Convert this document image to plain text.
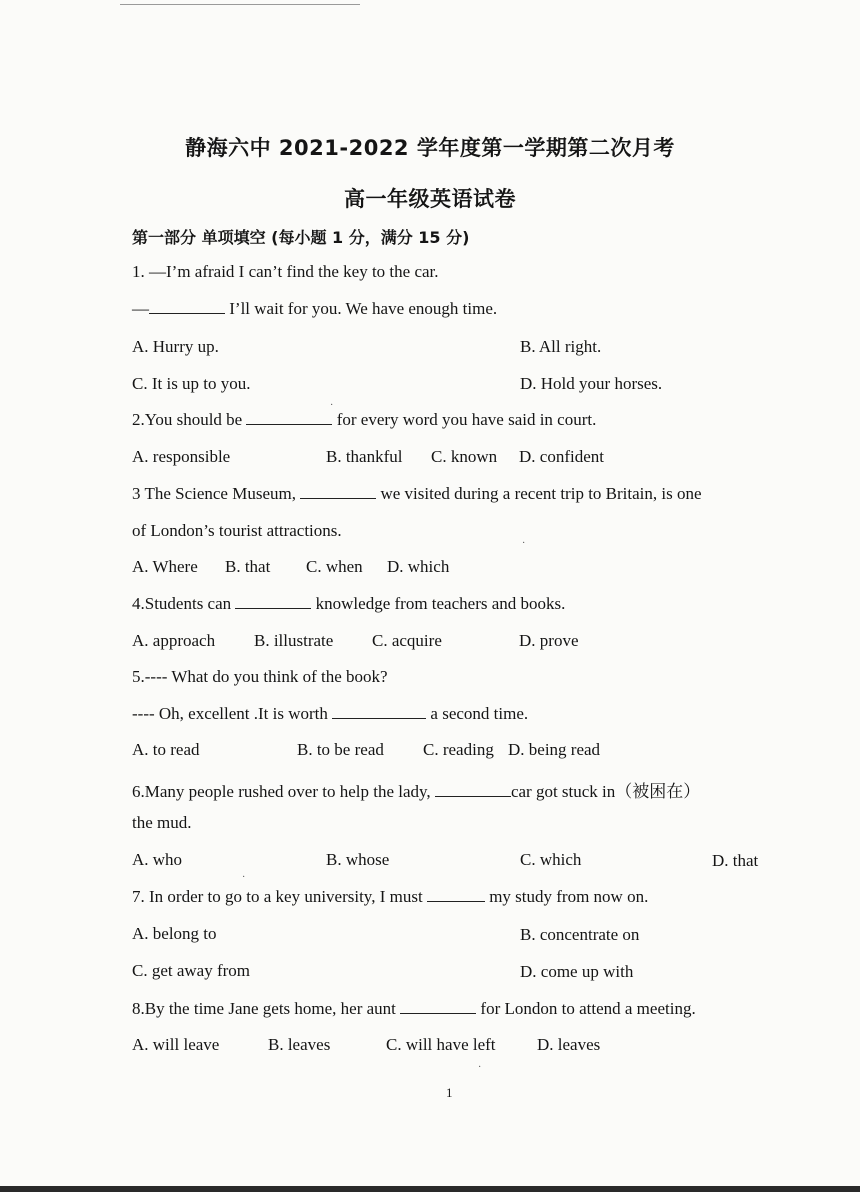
静海六中 2021-2022 学年度第一学期第二次月考
高一年级英语试卷
第一部分 单项填空 (每小题 1 分，满分 15 分)
1. —I’m afraid I can’t find the key to the car.
—	I’ll wait for you. We have enough time.
A. Hurry up.	B. All right.
C. It is up to you.	D. Hold your horses.
2.You should be	for every word you have said in court.
A. responsible	B. thankful C. known D. confident
3 The Science Museum,	we visited during a recent trip to Britain, is one
of London’s tourist attractions.
A. Where B. that C. when D. which
4.Students can	knowledge from teachers and books.
A. approach B. illustrate C. acquire	D. prove
5.---- What do you think of the book?
---- Oh, excellent .It is worth	a second time.
A. to read	B. to be read C. reading D. being read
6.Many people rushed over to help the lady,	car got stuck in（被困在）
the mud.
A. who	B. whose	C. which	D. that
7. In order to go to a key university, I must	my study from now on.
A. belong to	B. concentrate on
C. get away from	D. come up with
8.By the time Jane gets home, her aunt	for London to attend a meeting.
A. will leave	B. leaves	C. will have left D. leaves
1
·
·
·
·
